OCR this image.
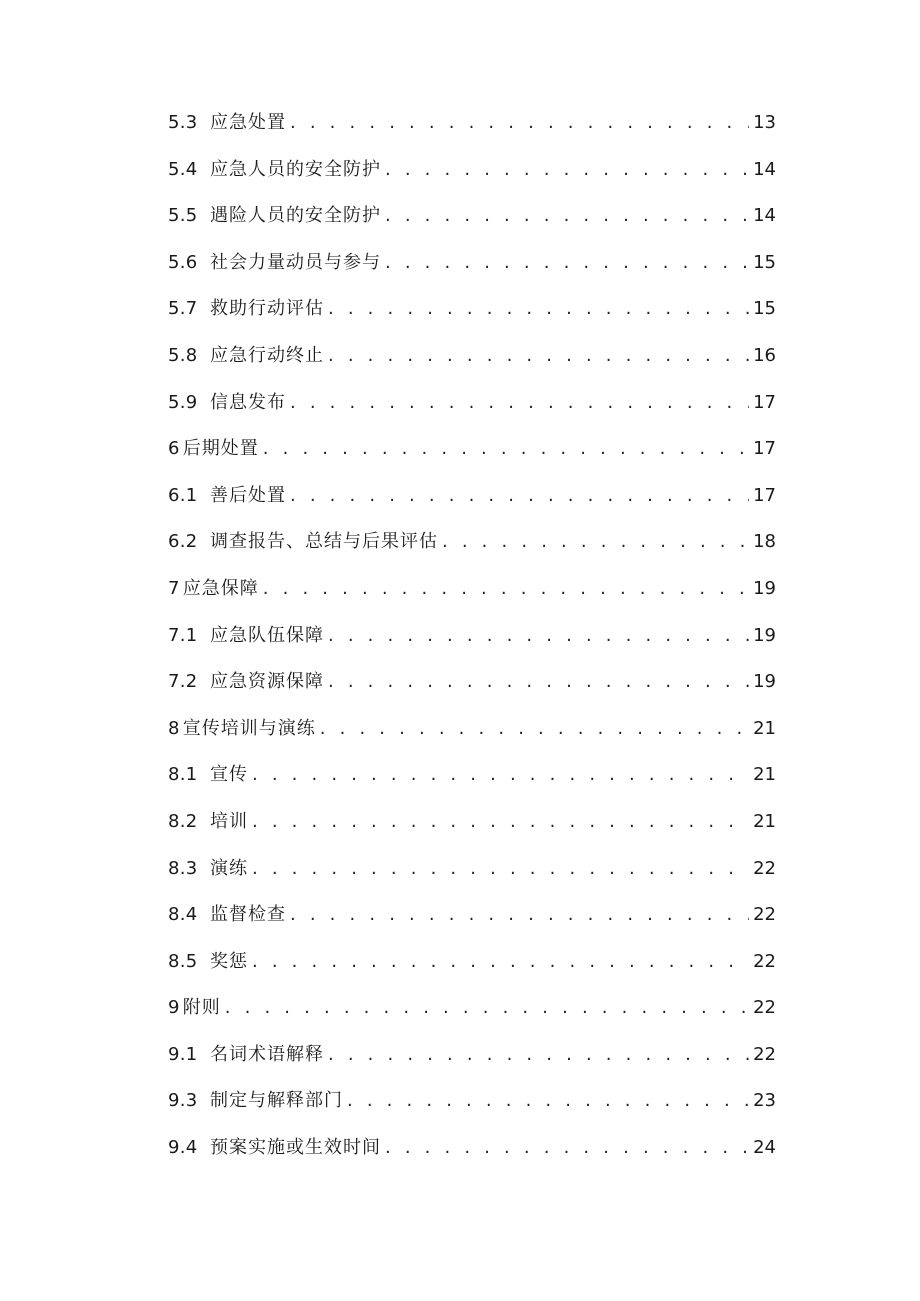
5.3 应急处置 . . .	13
5.4 应急人员的安全防护 . . .	14
5.5 遇险人员的安全防护 . . .	14
5.6 社会力量动员与参与 . . .	15
5.7 救助行动评估 . . .	15
5.8 应急行动终止 . . .	16
5.9 信息发布 . . .	17
6 后期处置 . . .	17
6.1 善后处置 . . .	17
6.2 调查报告、总结与后果评估 . . .	18
7 应急保障 . . .	19
7.1 应急队伍保障 . . .	19
7.2 应急资源保障 . . .	19
8 宣传培训与演练 . . .	21
8.1 宣传 . . .	21
8.2 培训 . . .	21
8.3 演练 . . .	22
8.4 监督检查 . . .	22
8.5 奖惩 . . .	22
9 附则 . . .	22
9.1 名词术语解释 . . .	22
9.3 制定与解释部门 . . .	23
9.4 预案实施或生效时间 . . .	24
